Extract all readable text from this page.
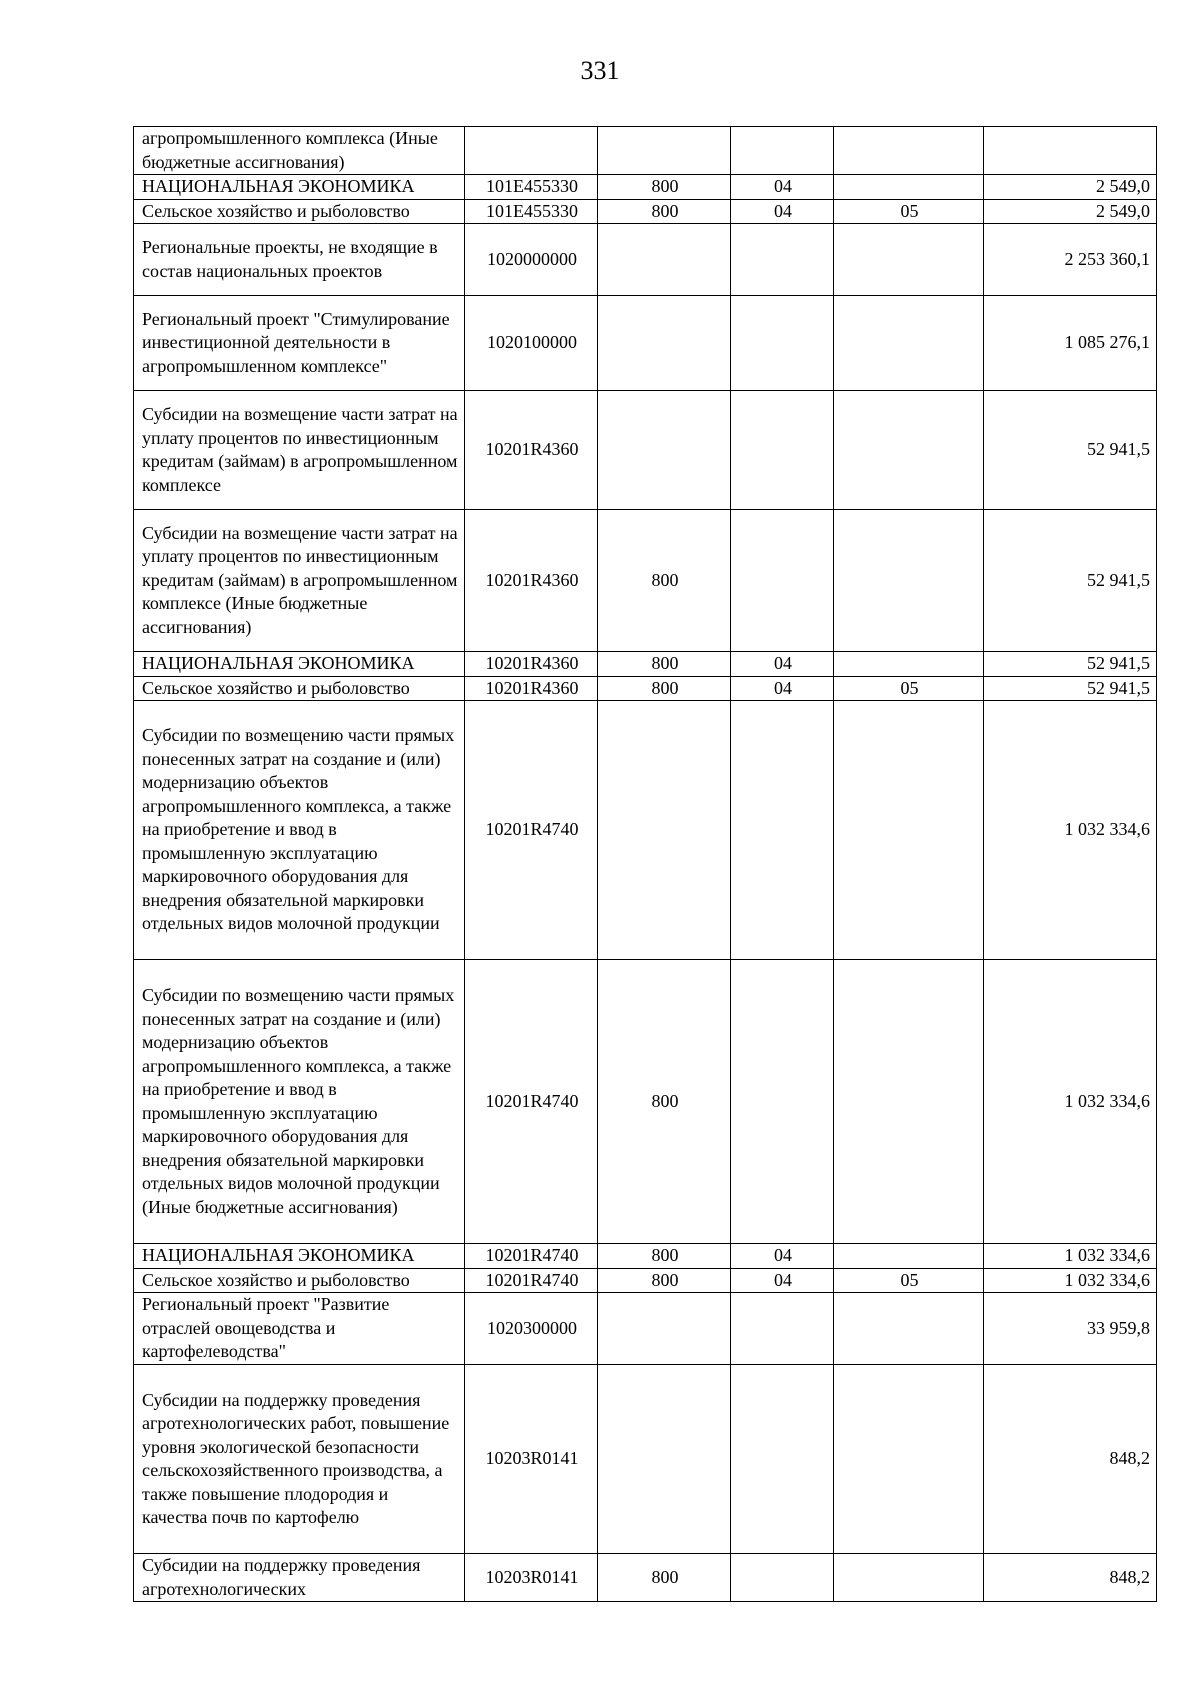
331
агропромышленного комплекса (Иные бюджетные ассигнования)					
НАЦИОНАЛЬНАЯ ЭКОНОМИКА	101Е455330	800	04		2 549,0
Сельское хозяйство и рыболовство	101Е455330	800	04	05	2 549,0
Региональные проекты, не входящие в состав национальных проектов	1020000000				2 253 360,1
Региональный проект "Стимулирование инвестиционной деятельности в агропромышленном комплексе"	1020100000				1 085 276,1
Субсидии на возмещение части затрат на уплату процентов по инвестиционным кредитам (займам) в агропромышленном комплексе	10201R4360				52 941,5
Субсидии на возмещение части затрат на уплату процентов по инвестиционным кредитам (займам) в агропромышленном комплексе (Иные бюджетные ассигнования)	10201R4360	800			52 941,5
НАЦИОНАЛЬНАЯ ЭКОНОМИКА	10201R4360	800	04		52 941,5
Сельское хозяйство и рыболовство	10201R4360	800	04	05	52 941,5
Субсидии по возмещению части прямых понесенных затрат на создание и (или) модернизацию объектов агропромышленного комплекса, а также на приобретение и ввод в промышленную эксплуатацию маркировочного оборудования для внедрения обязательной маркировки отдельных видов молочной продукции	10201R4740				1 032 334,6
Субсидии по возмещению части прямых понесенных затрат на создание и (или) модернизацию объектов агропромышленного комплекса, а также на приобретение и ввод в промышленную эксплуатацию маркировочного оборудования для внедрения обязательной маркировки отдельных видов молочной продукции (Иные бюджетные ассигнования)	10201R4740	800			1 032 334,6
НАЦИОНАЛЬНАЯ ЭКОНОМИКА	10201R4740	800	04		1 032 334,6
Сельское хозяйство и рыболовство	10201R4740	800	04	05	1 032 334,6
Региональный проект "Развитие отраслей овощеводства и картофелеводства"	1020300000				33 959,8
Субсидии на поддержку проведения агротехнологических работ, повышение уровня экологической безопасности сельскохозяйственного производства, а также повышение плодородия и качества почв по картофелю	10203R0141				848,2
Субсидии на поддержку проведения агротехнологических	10203R0141	800			848,2
